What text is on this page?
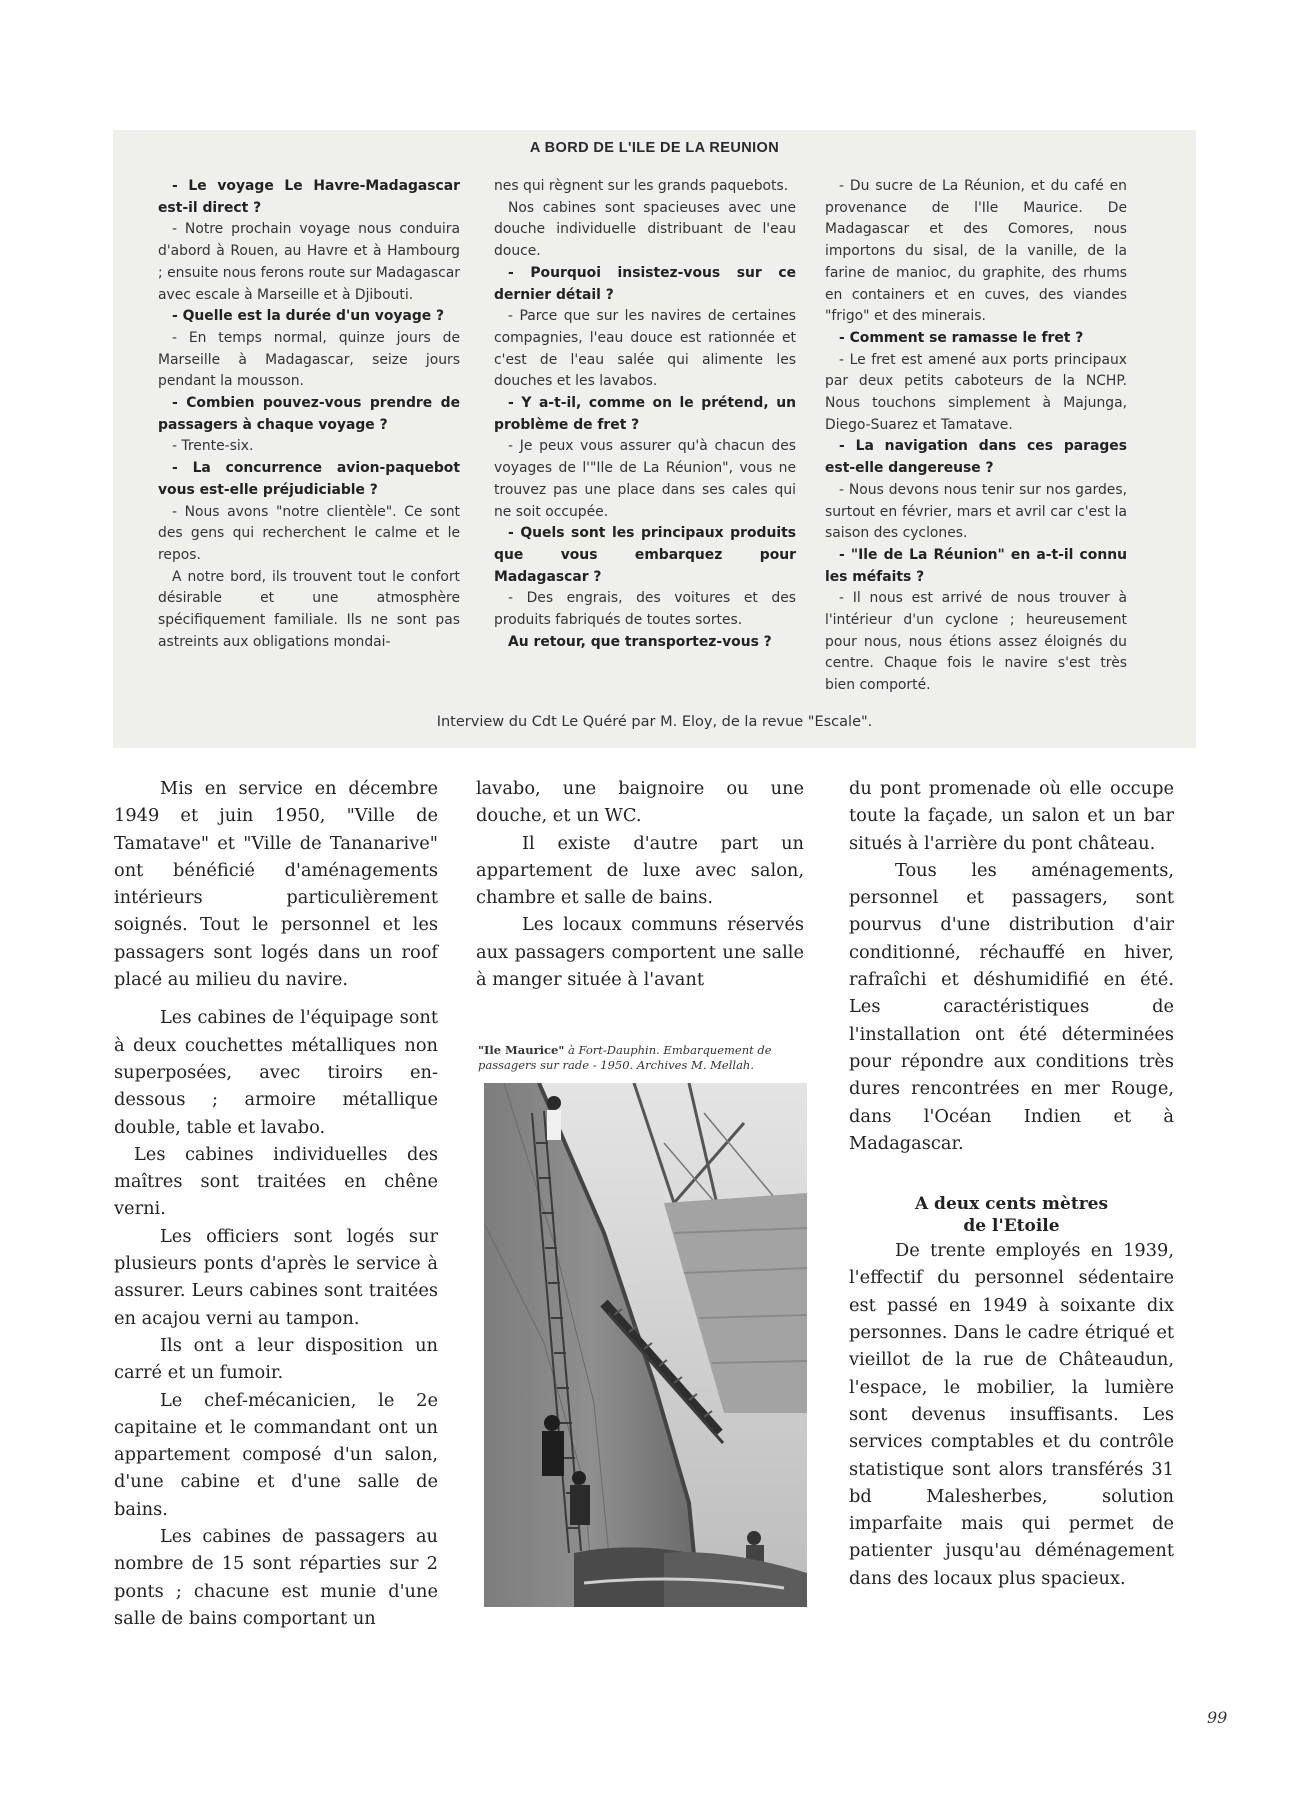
A BORD DE L'ILE DE LA REUNION

- Le voyage Le Havre-Madagascar est-il direct ?

- Notre prochain voyage nous conduira d'abord à Rouen, au Havre et à Hambourg ; ensuite nous ferons route sur Madagascar avec escale à Marseille et à Djibouti.

- Quelle est la durée d'un voyage ?

- En temps normal, quinze jours de Marseille à Madagascar, seize jours pendant la mousson.

- Combien pouvez-vous prendre de passagers à chaque voyage ?

- Trente-six.

- La concurrence avion-paquebot vous est-elle préjudiciable ?

- Nous avons "notre clientèle". Ce sont des gens qui recherchent le calme et le repos.

A notre bord, ils trouvent tout le confort désirable et une atmosphère spécifiquement familiale. Ils ne sont pas astreints aux obligations mondai-

nes qui règnent sur les grands paquebots.

Nos cabines sont spacieuses avec une douche individuelle distribuant de l'eau douce.

- Pourquoi insistez-vous sur ce dernier détail ?

- Parce que sur les navires de certaines compagnies, l'eau douce est rationnée et c'est de l'eau salée qui alimente les douches et les lavabos.

- Y a-t-il, comme on le prétend, un problème de fret ?

- Je peux vous assurer qu'à chacun des voyages de l'"Ile de La Réunion", vous ne trouvez pas une place dans ses cales qui ne soit occupée.

- Quels sont les principaux produits que vous embarquez pour Madagascar ?

- Des engrais, des voitures et des produits fabriqués de toutes sortes.

Au retour, que transportez-vous ?

- Du sucre de La Réunion, et du café en provenance de l'Ile Maurice. De Madagascar et des Comores, nous importons du sisal, de la vanille, de la farine de manioc, du graphite, des rhums en containers et en cuves, des viandes "frigo" et des minerais.

- Comment se ramasse le fret ?

- Le fret est amené aux ports principaux par deux petits caboteurs de la NCHP. Nous touchons simplement à Majunga, Diego-Suarez et Tamatave.

- La navigation dans ces parages est-elle dangereuse ?

- Nous devons nous tenir sur nos gardes, surtout en février, mars et avril car c'est la saison des cyclones.

- "Ile de La Réunion" en a-t-il connu les méfaits ?

- Il nous est arrivé de nous trouver à l'intérieur d'un cyclone ; heureusement pour nous, nous étions assez éloignés du centre. Chaque fois le navire s'est très bien comporté.

Interview du Cdt Le Quéré par M. Eloy, de la revue "Escale".

Mis en service en décembre 1949 et juin 1950, "Ville de Tamatave" et "Ville de Tananarive" ont bénéficié d'aménagements intérieurs particulièrement soignés. Tout le personnel et les passagers sont logés dans un roof placé au milieu du navire.

Les cabines de l'équipage sont à deux couchettes métalliques non superposées, avec tiroirs en-dessous ; armoire métallique double, table et lavabo.

Les cabines individuelles des maîtres sont traitées en chêne verni.

Les officiers sont logés sur plusieurs ponts d'après le service à assurer. Leurs cabines sont traitées en acajou verni au tampon.

Ils ont a leur disposition un carré et un fumoir.

Le chef-mécanicien, le 2e capitaine et le commandant ont un appartement composé d'un salon, d'une cabine et d'une salle de bains.

Les cabines de passagers au nombre de 15 sont réparties sur 2 ponts ; chacune est munie d'une salle de bains comportant un

lavabo, une baignoire ou une douche, et un WC.

Il existe d'autre part un appartement de luxe avec salon, chambre et salle de bains.

Les locaux communs réservés aux passagers comportent une salle à manger située à l'avant

du pont promenade où elle occupe toute la façade, un salon et un bar situés à l'arrière du pont château.

Tous les aménagements, personnel et passagers, sont pourvus d'une distribution d'air conditionné, réchauffé en hiver, rafraîchi et déshumidifié en été. Les caractéristiques de l'installation ont été déterminées pour répondre aux conditions très dures rencontrées en mer Rouge, dans l'Océan Indien et à Madagascar.

A deux cents mètres
de l'Etoile

De trente employés en 1939, l'effectif du personnel sédentaire est passé en 1949 à soixante dix personnes. Dans le cadre étriqué et vieillot de la rue de Châteaudun, l'espace, le mobilier, la lumière sont devenus insuffisants. Les services comptables et du contrôle statistique sont alors transférés 31 bd Malesherbes, solution imparfaite mais qui permet de patienter jusqu'au déménagement dans des locaux plus spacieux.

"Ile Maurice" à Fort-Dauphin. Embarquement de passagers sur rade - 1950. Archives M. Mellah.
99
